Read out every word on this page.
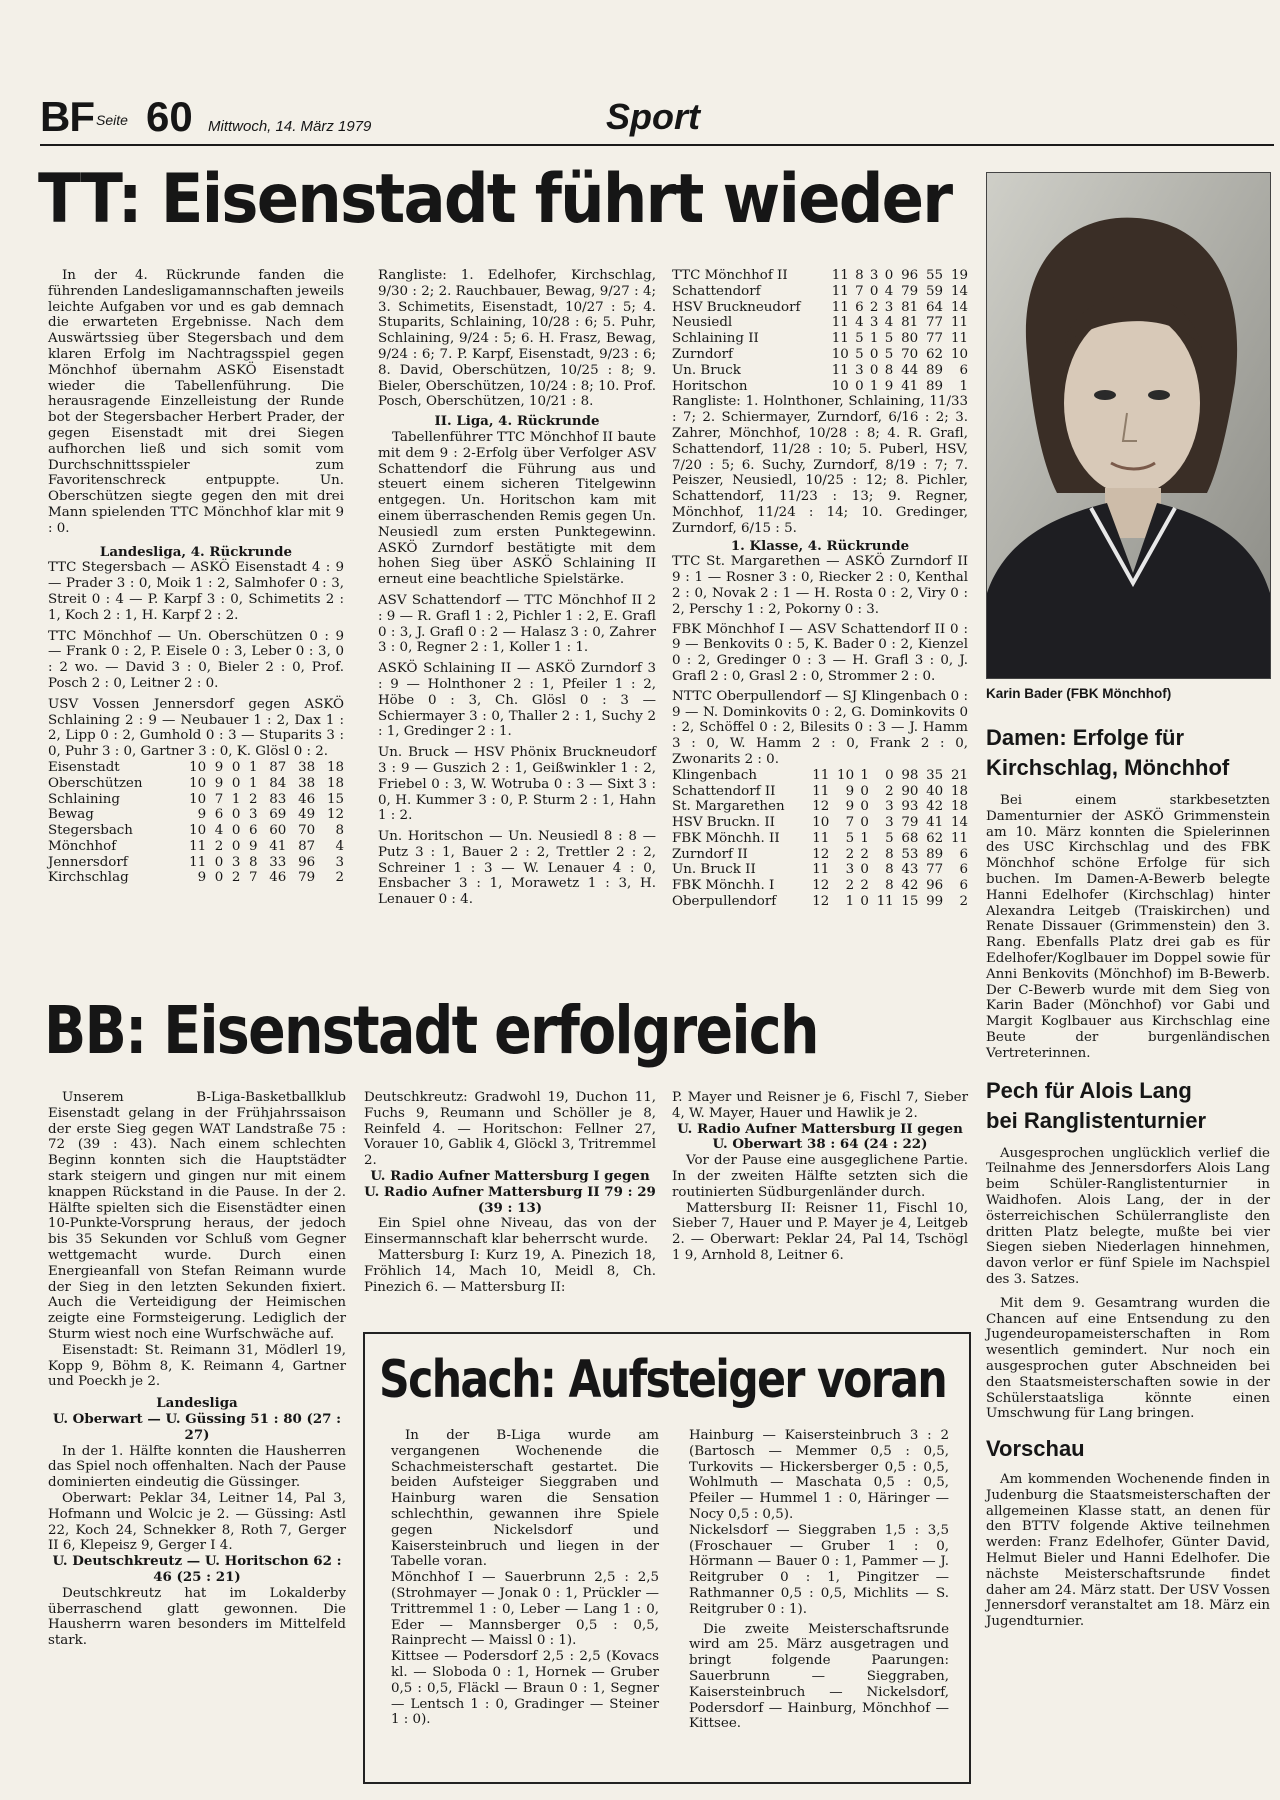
BF Seite 60 Mittwoch, 14. März 1979	Sport
TT: Eisenstadt führt wieder

In der 4. Rückrunde fanden die führenden Landesligamannschaften jeweils leichte Aufgaben vor und es gab demnach die erwarteten Ergebnisse. Nach dem Auswärtssieg über Stegersbach und dem klaren Erfolg im Nachtragsspiel gegen Mönchhof übernahm ASKÖ Eisenstadt wieder die Tabellenführung. Die herausragende Einzelleistung der Runde bot der Stegersbacher Herbert Prader, der gegen Eisenstadt mit drei Siegen aufhorchen ließ und sich somit vom Durchschnittsspieler zum Favoritenschreck entpuppte. Un. Oberschützen siegte gegen den mit drei Mann spielenden TTC Mönchhof klar mit 9 : 0.

Landesliga, 4. Rückrunde

TTC Stegersbach — ASKÖ Eisenstadt 4 : 9 — Prader 3 : 0, Moik 1 : 2, Salmhofer 0 : 3, Streit 0 : 4 — P. Karpf 3 : 0, Schimetits 2 : 1, Koch 2 : 1, H. Karpf 2 : 2.

TTC Mönchhof — Un. Oberschützen 0 : 9 — Frank 0 : 2, P. Eisele 0 : 3, Leber 0 : 3, 0 : 2 wo. — David 3 : 0, Bieler 2 : 0, Prof. Posch 2 : 0, Leitner 2 : 0.

USV Vossen Jennersdorf gegen ASKÖ Schlaining 2 : 9 — Neubauer 1 : 2, Dax 1 : 2, Lipp 0 : 2, Gumhold 0 : 3 — Stuparits 3 : 0, Puhr 3 : 0, Gartner 3 : 0, K. Glösl 0 : 2.

Eisenstadt	10	9	0	1	87	38	18
Oberschützen	10	9	0	1	84	38	18
Schlaining	10	7	1	2	83	46	15
Bewag	9	6	0	3	69	49	12
Stegersbach	10	4	0	6	60	70	8
Mönchhof	11	2	0	9	41	87	4
Jennersdorf	11	0	3	8	33	96	3
Kirchschlag	9	0	2	7	46	79	2

Rangliste: 1. Edelhofer, Kirchschlag, 9/30 : 2; 2. Rauchbauer, Bewag, 9/27 : 4; 3. Schimetits, Eisenstadt, 10/27 : 5; 4. Stuparits, Schlaining, 10/28 : 6; 5. Puhr, Schlaining, 9/24 : 5; 6. H. Frasz, Bewag, 9/24 : 6; 7. P. Karpf, Eisenstadt, 9/23 : 6; 8. David, Oberschützen, 10/25 : 8; 9. Bieler, Oberschützen, 10/24 : 8; 10. Prof. Posch, Oberschützen, 10/21 : 8.

II. Liga, 4. Rückrunde

Tabellenführer TTC Mönchhof II baute mit dem 9 : 2-Erfolg über Verfolger ASV Schattendorf die Führung aus und steuert einem sicheren Titelgewinn entgegen. Un. Horitschon kam mit einem überraschenden Remis gegen Un. Neusiedl zum ersten Punktegewinn. ASKÖ Zurndorf bestätigte mit dem hohen Sieg über ASKÖ Schlaining II erneut eine beachtliche Spielstärke.

ASV Schattendorf — TTC Mönchhof II 2 : 9 — R. Grafl 1 : 2, Pichler 1 : 2, E. Grafl 0 : 3, J. Grafl 0 : 2 — Halasz 3 : 0, Zahrer 3 : 0, Regner 2 : 1, Koller 1 : 1.

ASKÖ Schlaining II — ASKÖ Zurndorf 3 : 9 — Holnthoner 2 : 1, Pfeiler 1 : 2, Höbe 0 : 3, Ch. Glösl 0 : 3 — Schiermayer 3 : 0, Thaller 2 : 1, Suchy 2 : 1, Gredinger 2 : 1.

Un. Bruck — HSV Phönix Bruckneudorf 3 : 9 — Guszich 2 : 1, Geißwinkler 1 : 2, Friebel 0 : 3, W. Wotruba 0 : 3 — Sixt 3 : 0, H. Kummer 3 : 0, P. Sturm 2 : 1, Hahn 1 : 2.

Un. Horitschon — Un. Neusiedl 8 : 8 — Putz 3 : 1, Bauer 2 : 2, Trettler 2 : 2, Schreiner 1 : 3 — W. Lenauer 4 : 0, Ensbacher 3 : 1, Morawetz 1 : 3, H. Lenauer 0 : 4.

TTC Mönchhof II	11	8	3	0	96	55	19
Schattendorf	11	7	0	4	79	59	14
HSV Bruckneudorf	11	6	2	3	81	64	14
Neusiedl	11	4	3	4	81	77	11
Schlaining II	11	5	1	5	80	77	11
Zurndorf	10	5	0	5	70	62	10
Un. Bruck	11	3	0	8	44	89	6
Horitschon	10	0	1	9	41	89	1

Rangliste: 1. Holnthoner, Schlaining, 11/33 : 7; 2. Schiermayer, Zurndorf, 6/16 : 2; 3. Zahrer, Mönchhof, 10/28 : 8; 4. R. Grafl, Schattendorf, 11/28 : 10; 5. Puberl, HSV, 7/20 : 5; 6. Suchy, Zurndorf, 8/19 : 7; 7. Peiszer, Neusiedl, 10/25 : 12; 8. Pichler, Schattendorf, 11/23 : 13; 9. Regner, Mönchhof, 11/24 : 14; 10. Gredinger, Zurndorf, 6/15 : 5.

1. Klasse, 4. Rückrunde

TTC St. Margarethen — ASKÖ Zurndorf II 9 : 1 — Rosner 3 : 0, Riecker 2 : 0, Kenthal 2 : 0, Novak 2 : 1 — H. Rosta 0 : 2, Viry 0 : 2, Perschy 1 : 2, Pokorny 0 : 3.

FBK Mönchhof I — ASV Schattendorf II 0 : 9 — Benkovits 0 : 5, K. Bader 0 : 2, Kienzel 0 : 2, Gredinger 0 : 3 — H. Grafl 3 : 0, J. Grafl 2 : 0, Grasl 2 : 0, Strommer 2 : 0.

NTTC Oberpullendorf — SJ Klingenbach 0 : 9 — N. Dominkovits 0 : 2, G. Dominkovits 0 : 2, Schöffel 0 : 2, Bilesits 0 : 3 — J. Hamm 3 : 0, W. Hamm 2 : 0, Frank 2 : 0, Zwonarits 2 : 0.

Klingenbach	11	10	1	0	98	35	21
Schattendorf II	11	9	0	2	90	40	18
St. Margarethen	12	9	0	3	93	42	18
HSV Bruckn. II	10	7	0	3	79	41	14
FBK Mönchh. II	11	5	1	5	68	62	11
Zurndorf II	12	2	2	8	53	89	6
Un. Bruck II	11	3	0	8	43	77	6
FBK Mönchh. I	12	2	2	8	42	96	6
Oberpullendorf	12	1	0	11	15	99	2
Karin Bader (FBK Mönchhof)
Damen: Erfolge für
Kirchschlag, Mönchhof

Bei einem starkbesetzten Damenturnier der ASKÖ Grimmenstein am 10. März konnten die Spielerinnen des USC Kirchschlag und des FBK Mönchhof schöne Erfolge für sich buchen. Im Damen-A-Bewerb belegte Hanni Edelhofer (Kirchschlag) hinter Alexandra Leitgeb (Traiskirchen) und Renate Dissauer (Grimmenstein) den 3. Rang. Ebenfalls Platz drei gab es für Edelhofer/Koglbauer im Doppel sowie für Anni Benkovits (Mönchhof) im B-Bewerb. Der C-Bewerb wurde mit dem Sieg von Karin Bader (Mönchhof) vor Gabi und Margit Koglbauer aus Kirchschlag eine Beute der burgenländischen Vertreterinnen.

Pech für Alois Lang
bei Ranglistenturnier

Ausgesprochen unglücklich verlief die Teilnahme des Jennersdorfers Alois Lang beim Schüler-Ranglistenturnier in Waidhofen. Alois Lang, der in der österreichischen Schülerrangliste den dritten Platz belegte, mußte bei vier Siegen sieben Niederlagen hinnehmen, davon verlor er fünf Spiele im Nachspiel des 3. Satzes.

Mit dem 9. Gesamtrang wurden die Chancen auf eine Entsendung zu den Jugendeuropameisterschaften in Rom wesentlich gemindert. Nur noch ein ausgesprochen guter Abschneiden bei den Staatsmeisterschaften sowie in der Schülerstaatsliga könnte einen Umschwung für Lang bringen.

Vorschau

Am kommenden Wochenende finden in Judenburg die Staatsmeisterschaften der allgemeinen Klasse statt, an denen für den BTTV folgende Aktive teilnehmen werden: Franz Edelhofer, Günter David, Helmut Bieler und Hanni Edelhofer. Die nächste Meisterschaftsrunde findet daher am 24. März statt. Der USV Vossen Jennersdorf veranstaltet am 18. März ein Jugendturnier.

BB: Eisenstadt erfolgreich

Unserem B-Liga-Basketballklub Eisenstadt gelang in der Frühjahrssaison der erste Sieg gegen WAT Landstraße 75 : 72 (39 : 43). Nach einem schlechten Beginn konnten sich die Hauptstädter stark steigern und gingen nur mit einem knappen Rückstand in die Pause. In der 2. Hälfte spielten sich die Eisenstädter einen 10-Punkte-Vorsprung heraus, der jedoch bis 35 Sekunden vor Schluß vom Gegner wettgemacht wurde. Durch einen Energieanfall von Stefan Reimann wurde der Sieg in den letzten Sekunden fixiert. Auch die Verteidigung der Heimischen zeigte eine Formsteigerung. Lediglich der Sturm wiest noch eine Wurfschwäche auf.

Eisenstadt: St. Reimann 31, Mödlerl 19, Kopp 9, Böhm 8, K. Reimann 4, Gartner und Poeckh je 2.

Landesliga

U. Oberwart — U. Güssing 51 : 80 (27 : 27)

In der 1. Hälfte konnten die Hausherren das Spiel noch offenhalten. Nach der Pause dominierten eindeutig die Güssinger.

Oberwart: Peklar 34, Leitner 14, Pal 3, Hofmann und Wolcic je 2. — Güssing: Astl 22, Koch 24, Schnekker 8, Roth 7, Gerger II 6, Klepeisz 9, Gerger I 4.

U. Deutschkreutz — U. Horitschon 62 : 46 (25 : 21)

Deutschkreutz hat im Lokalderby überraschend glatt gewonnen. Die Hausherrn waren besonders im Mittelfeld stark.

Deutschkreutz: Gradwohl 19, Duchon 11, Fuchs 9, Reumann und Schöller je 8, Reinfeld 4. — Horitschon: Fellner 27, Vorauer 10, Gablik 4, Glöckl 3, Tritremmel 2.

U. Radio Aufner Mattersburg I gegen U. Radio Aufner Mattersburg II 79 : 29 (39 : 13)

Ein Spiel ohne Niveau, das von der Einsermannschaft klar beherrscht wurde.

Mattersburg I: Kurz 19, A. Pinezich 18, Fröhlich 14, Mach 10, Meidl 8, Ch. Pinezich 6. — Mattersburg II:

P. Mayer und Reisner je 6, Fischl 7, Sieber 4, W. Mayer, Hauer und Hawlik je 2.

U. Radio Aufner Mattersburg II gegen U. Oberwart 38 : 64 (24 : 22)

Vor der Pause eine ausgeglichene Partie. In der zweiten Hälfte setzten sich die routinierten Südburgenländer durch.

Mattersburg II: Reisner 11, Fischl 10, Sieber 7, Hauer und P. Mayer je 4, Leitgeb 2. — Oberwart: Peklar 24, Pal 14, Tschögl 1 9, Arnhold 8, Leitner 6.

Schach: Aufsteiger voran

In der B-Liga wurde am vergangenen Wochenende die Schachmeisterschaft gestartet. Die beiden Aufsteiger Sieggraben und Hainburg waren die Sensation schlechthin, gewannen ihre Spiele gegen Nickelsdorf und Kaisersteinbruch und liegen in der Tabelle voran.

Mönchhof I — Sauerbrunn 2,5 : 2,5 (Strohmayer — Jonak 0 : 1, Prückler — Trittremmel 1 : 0, Leber — Lang 1 : 0, Eder — Mannsberger 0,5 : 0,5, Rainprecht — Maissl 0 : 1).

Kittsee — Podersdorf 2,5 : 2,5 (Kovacs kl. — Sloboda 0 : 1, Hornek — Gruber 0,5 : 0,5, Fläckl — Braun 0 : 1, Segner — Lentsch 1 : 0, Gradinger — Steiner 1 : 0).

Hainburg — Kaisersteinbruch 3 : 2 (Bartosch — Memmer 0,5 : 0,5, Turkovits — Hickersberger 0,5 : 0,5, Wohlmuth — Maschata 0,5 : 0,5, Pfeiler — Hummel 1 : 0, Häringer — Nocy 0,5 : 0,5).

Nickelsdorf — Sieggraben 1,5 : 3,5 (Froschauer — Gruber 1 : 0, Hörmann — Bauer 0 : 1, Pammer — J. Reitgruber 0 : 1, Pingitzer — Rathmanner 0,5 : 0,5, Michlits — S. Reitgruber 0 : 1).

Die zweite Meisterschaftsrunde wird am 25. März ausgetragen und bringt folgende Paarungen: Sauerbrunn — Sieggraben, Kaisersteinbruch — Nickelsdorf, Podersdorf — Hainburg, Mönchhof — Kittsee.
